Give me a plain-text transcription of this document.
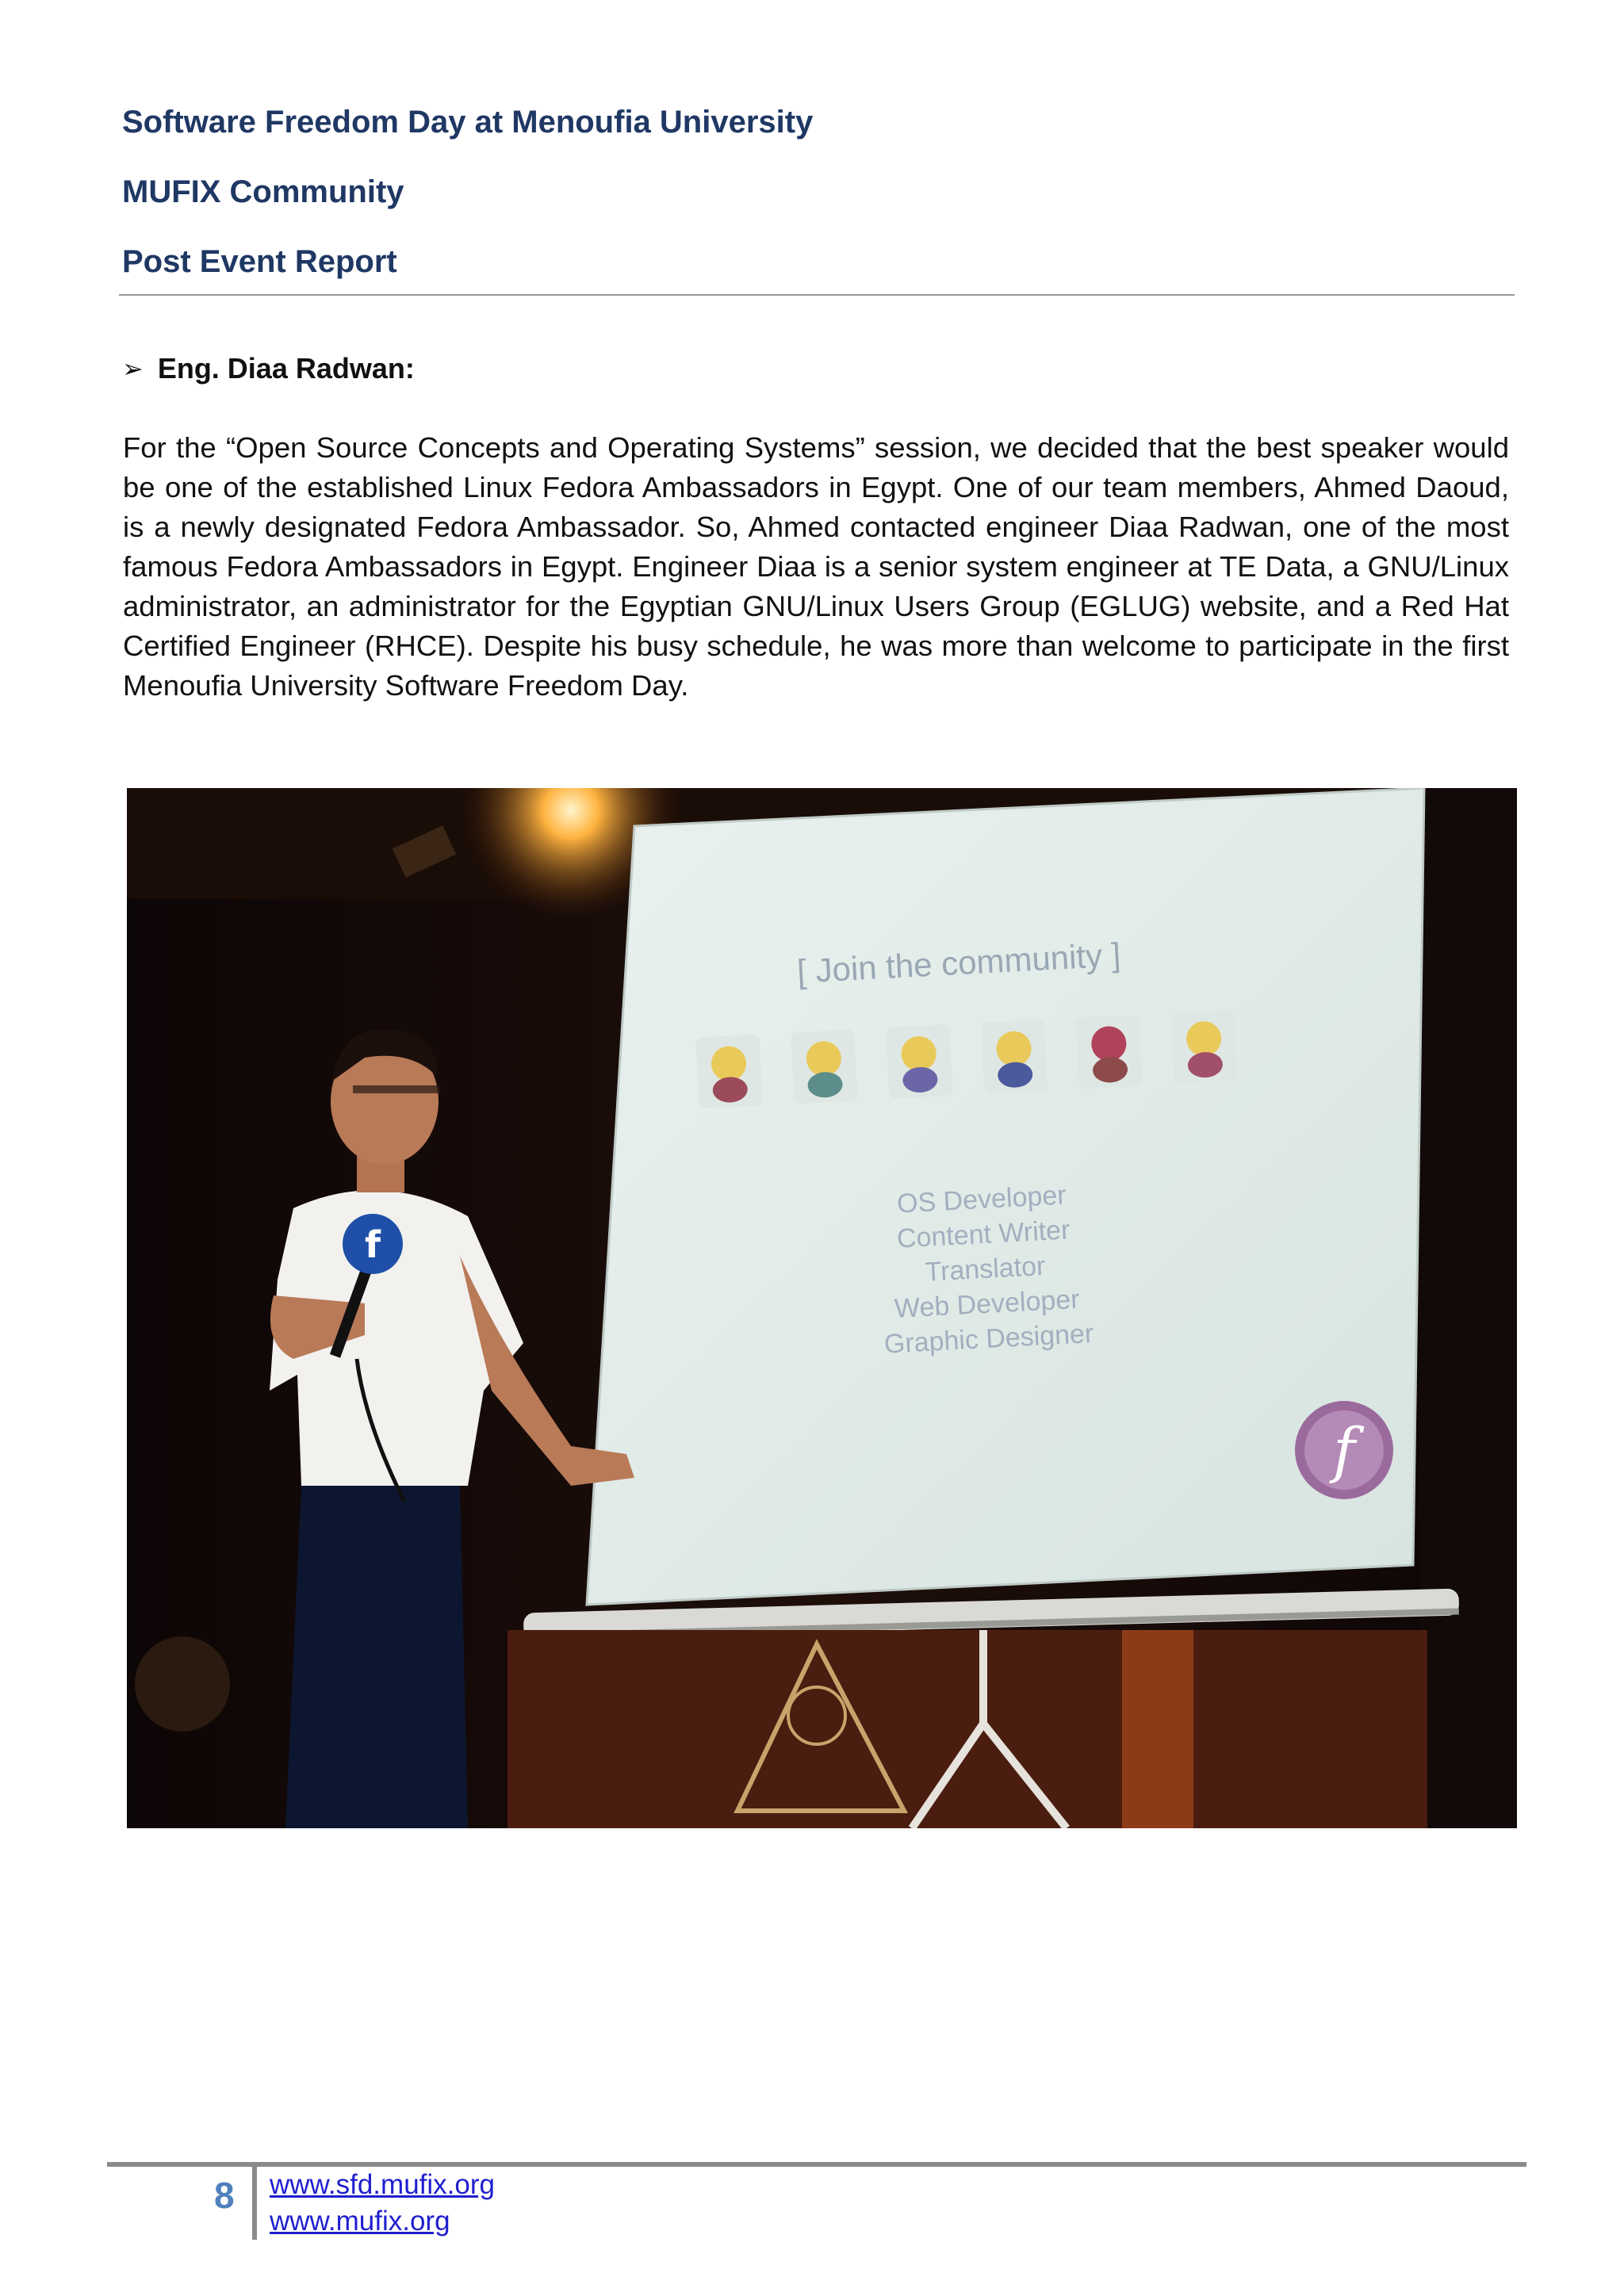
Software Freedom Day at Menoufia University
MUFIX Community
Post Event Report
➢ Eng. Diaa Radwan:

For the “Open Source Concepts and Operating Systems” session, we decided that the best speaker would be one of the established Linux Fedora Ambassadors in Egypt. One of our team members, Ahmed Daoud, is a newly designated Fedora Ambassador. So, Ahmed contacted engineer Diaa Radwan, one of the most famous Fedora Ambassadors in Egypt. Engineer Diaa is a senior system engineer at TE Data, a GNU/Linux administrator, an administrator for the Egyptian GNU/Linux Users Group (EGLUG) website, and a Red Hat Certified Engineer (RHCE). Despite his busy schedule, he was more than welcome to participate in the first Menoufia University Software Freedom Day.

[ Join the community ]
OS Developer
Content Writer
Translator
Web Developer
Graphic Designer
f
f
8 www.sfd.mufix.org
www.mufix.org
